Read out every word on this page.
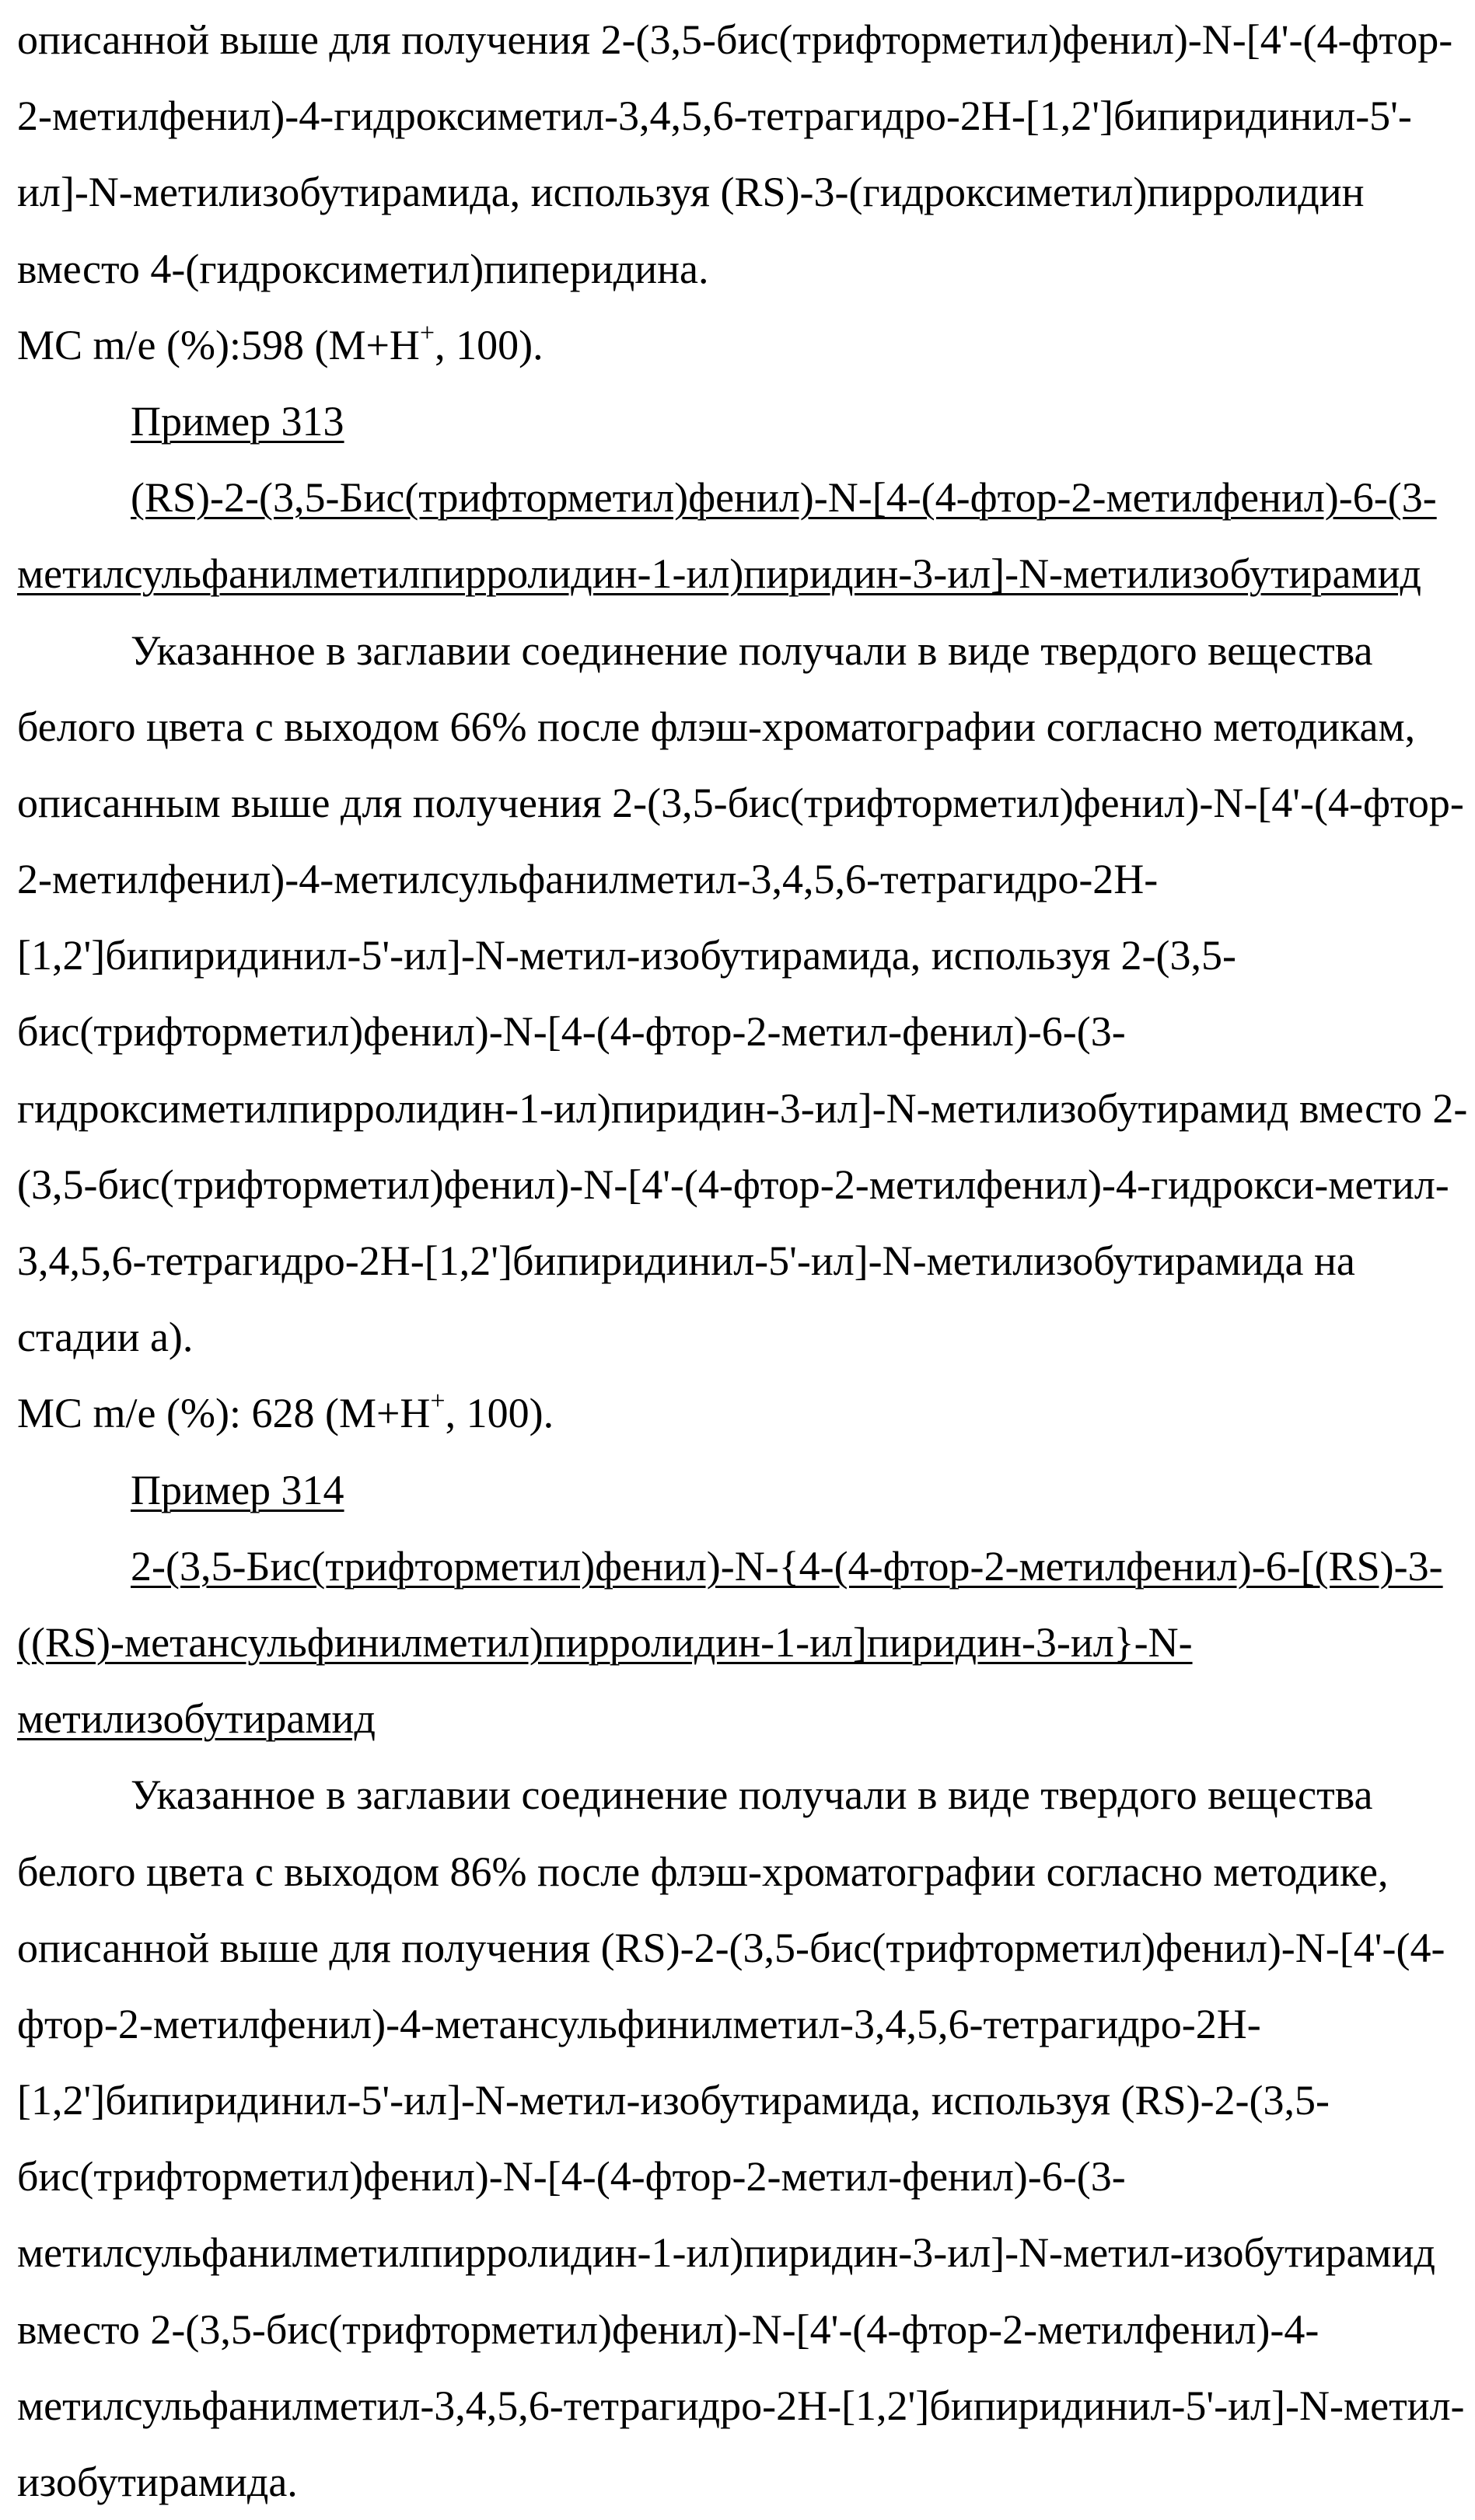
описанной выше для получения 2-(3,5-бис(трифторметил)фенил)-N-[4'-(4-фтор-
2-метилфенил)-4-гидроксиметил-3,4,5,6-тетрагидро-2H-[1,2']бипиридинил-5'-
ил]-N-метилизобутирамида, используя (RS)-3-(гидроксиметил)пирролидин
вместо 4-(гидроксиметил)пиперидина.
МС m/e (%):598 (M+H+, 100).
Пример 313
(RS)-2-(3,5-Бис(трифторметил)фенил)-N-[4-(4-фтор-2-метилфенил)-6-(3-
метилсульфанилметилпирролидин-1-ил)пиридин-3-ил]-N-метилизобутирамид
Указанное в заглавии соединение получали в виде твердого вещества
белого цвета с выходом 66% после флэш-хроматографии согласно методикам,
описанным выше для получения 2-(3,5-бис(трифторметил)фенил)-N-[4'-(4-фтор-
2-метилфенил)-4-метилсульфанилметил-3,4,5,6-тетрагидро-2H-
[1,2']бипиридинил-5'-ил]-N-метил-изобутирамида, используя 2-(3,5-
бис(трифторметил)фенил)-N-[4-(4-фтор-2-метил-фенил)-6-(3-
гидроксиметилпирролидин-1-ил)пиридин-3-ил]-N-метилизобутирамид вместо 2-
(3,5-бис(трифторметил)фенил)-N-[4'-(4-фтор-2-метилфенил)-4-гидрокси-метил-
3,4,5,6-тетрагидро-2H-[1,2']бипиридинил-5'-ил]-N-метилизобутирамида на
стадии а).
МС m/e (%): 628 (M+H+, 100).
Пример 314
2-(3,5-Бис(трифторметил)фенил)-N-{4-(4-фтор-2-метилфенил)-6-[(RS)-3-
((RS)-метансульфинилметил)пирролидин-1-ил]пиридин-3-ил}-N-
метилизобутирамид
Указанное в заглавии соединение получали в виде твердого вещества
белого цвета с выходом 86% после флэш-хроматографии согласно методике,
описанной выше для получения (RS)-2-(3,5-бис(трифторметил)фенил)-N-[4'-(4-
фтор-2-метилфенил)-4-метансульфинилметил-3,4,5,6-тетрагидро-2H-
[1,2']бипиридинил-5'-ил]-N-метил-изобутирамида, используя (RS)-2-(3,5-
бис(трифторметил)фенил)-N-[4-(4-фтор-2-метил-фенил)-6-(3-
метилсульфанилметилпирролидин-1-ил)пиридин-3-ил]-N-метил-изобутирамид
вместо 2-(3,5-бис(трифторметил)фенил)-N-[4'-(4-фтор-2-метилфенил)-4-
метилсульфанилметил-3,4,5,6-тетрагидро-2H-[1,2']бипиридинил-5'-ил]-N-метил-
изобутирамида.
